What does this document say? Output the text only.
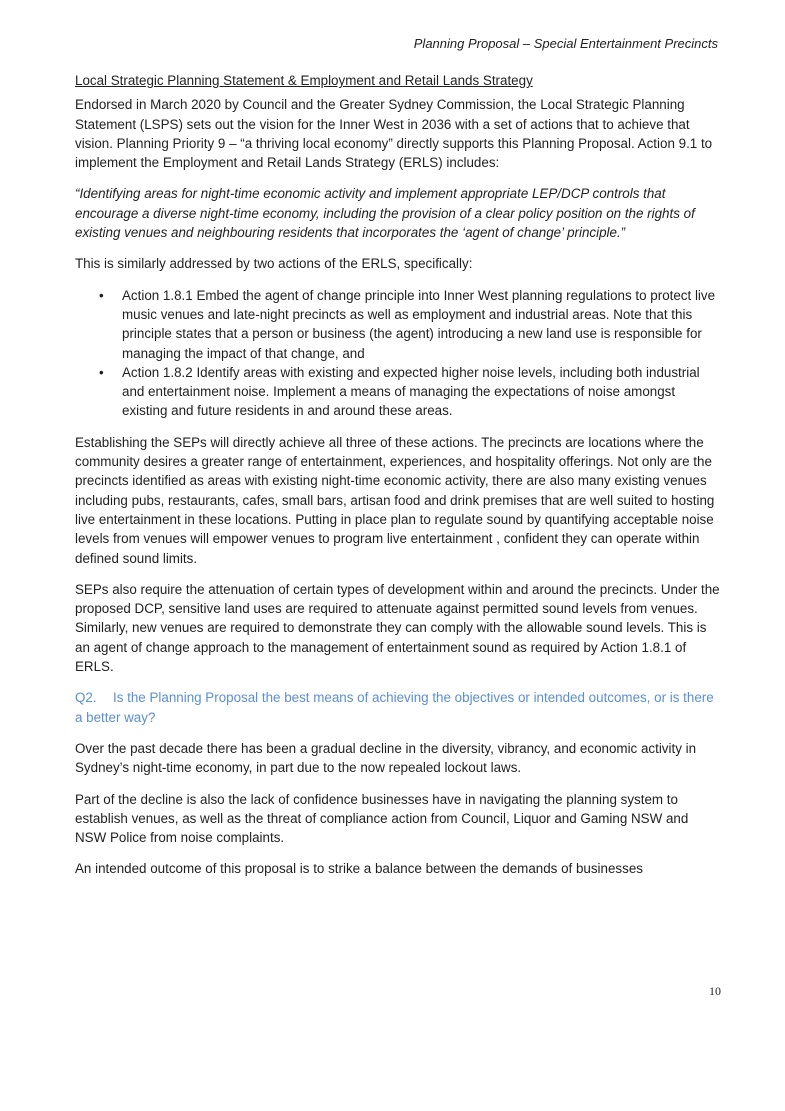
Planning Proposal – Special Entertainment Precincts
Local Strategic Planning Statement & Employment and Retail Lands Strategy

Endorsed in March 2020 by Council and the Greater Sydney Commission, the Local Strategic Planning Statement (LSPS) sets out the vision for the Inner West in 2036 with a set of actions that to achieve that vision. Planning Priority 9 – “a thriving local economy” directly supports this Planning Proposal. Action 9.1 to implement the Employment and Retail Lands Strategy (ERLS) includes:

“Identifying areas for night-time economic activity and implement appropriate LEP/DCP controls that encourage a diverse night-time economy, including the provision of a clear policy position on the rights of existing venues and neighbouring residents that incorporates the ‘agent of change’ principle.”

This is similarly addressed by two actions of the ERLS, specifically:

• Action 1.8.1 Embed the agent of change principle into Inner West planning regulations to protect live music venues and late-night precincts as well as employment and industrial areas. Note that this principle states that a person or business (the agent) introducing a new land use is responsible for managing the impact of that change, and
• Action 1.8.2 Identify areas with existing and expected higher noise levels, including both industrial and entertainment noise. Implement a means of managing the expectations of noise amongst existing and future residents in and around these areas.

Establishing the SEPs will directly achieve all three of these actions. The precincts are locations where the community desires a greater range of entertainment, experiences, and hospitality offerings. Not only are the precincts identified as areas with existing night-time economic activity, there are also many existing venues including pubs, restaurants, cafes, small bars, artisan food and drink premises that are well suited to hosting live entertainment in these locations. Putting in place plan to regulate sound by quantifying acceptable noise levels from venues will empower venues to program live entertainment , confident they can operate within defined sound limits.

SEPs also require the attenuation of certain types of development within and around the precincts. Under the proposed DCP, sensitive land uses are required to attenuate against permitted sound levels from venues. Similarly, new venues are required to demonstrate they can comply with the allowable sound levels. This is an agent of change approach to the management of entertainment sound as required by Action 1.8.1 of ERLS.

Q2. Is the Planning Proposal the best means of achieving the objectives or intended outcomes, or is there a better way?

Over the past decade there has been a gradual decline in the diversity, vibrancy, and economic activity in Sydney’s night-time economy, in part due to the now repealed lockout laws.

Part of the decline is also the lack of confidence businesses have in navigating the planning system to establish venues, as well as the threat of compliance action from Council, Liquor and Gaming NSW and NSW Police from noise complaints.

An intended outcome of this proposal is to strike a balance between the demands of businesses

10
